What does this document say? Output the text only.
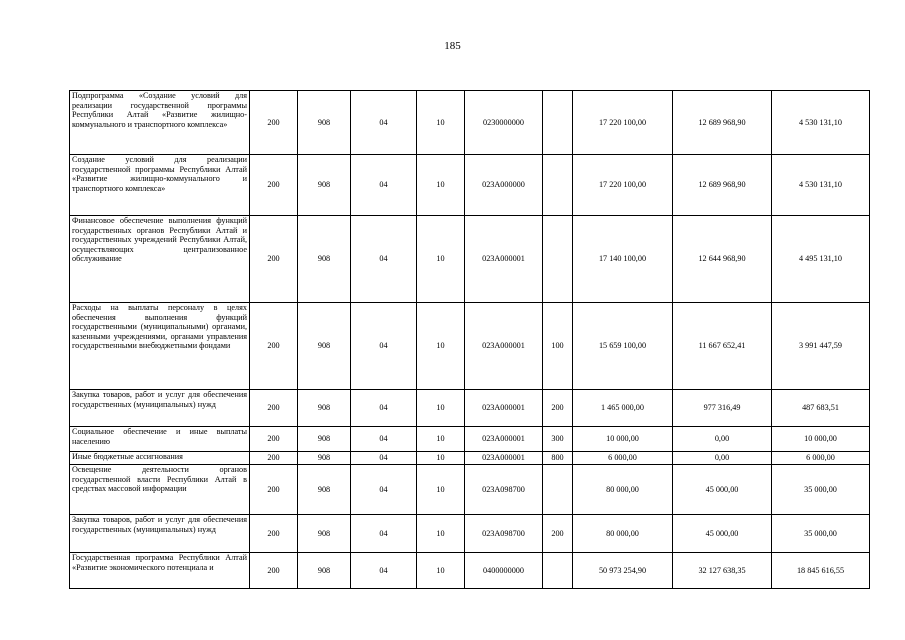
185
Подпрограмма «Создание условий для реализации государственной программы Республики Алтай «Развитие жилищно-коммунального и транспортного комплекса»	200	908	04	10	0230000000		17 220 100,00	12 689 968,90	4 530 131,10
Создание условий для реализации государственной программы Республики Алтай «Развитие жилищно-коммунального и транспортного комплекса»	200	908	04	10	023А000000		17 220 100,00	12 689 968,90	4 530 131,10
Финансовое обеспечение выполнения функций государственных органов Республики Алтай и государственных учреждений Республики Алтай, осуществляющих централизованное обслуживание	200	908	04	10	023А000001		17 140 100,00	12 644 968,90	4 495 131,10
Расходы на выплаты персоналу в целях обеспечения выполнения функций государственными (муниципальными) органами, казенными учреждениями, органами управления государственными внебюджетными фондами	200	908	04	10	023А000001	100	15 659 100,00	11 667 652,41	3 991 447,59
Закупка товаров, работ и услуг для обеспечения государственных (муниципальных) нужд	200	908	04	10	023А000001	200	1 465 000,00	977 316,49	487 683,51
Социальное обеспечение и иные выплаты населению	200	908	04	10	023А000001	300	10 000,00	0,00	10 000,00
Иные бюджетные ассигнования	200	908	04	10	023А000001	800	6 000,00	0,00	6 000,00
Освещение деятельности органов государственной власти Республики Алтай в средствах массовой информации	200	908	04	10	023А098700		80 000,00	45 000,00	35 000,00
Закупка товаров, работ и услуг для обеспечения государственных (муниципальных) нужд	200	908	04	10	023А098700	200	80 000,00	45 000,00	35 000,00
Государственная программа Республики Алтай «Развитие экономического потенциала и	200	908	04	10	0400000000		50 973 254,90	32 127 638,35	18 845 616,55
